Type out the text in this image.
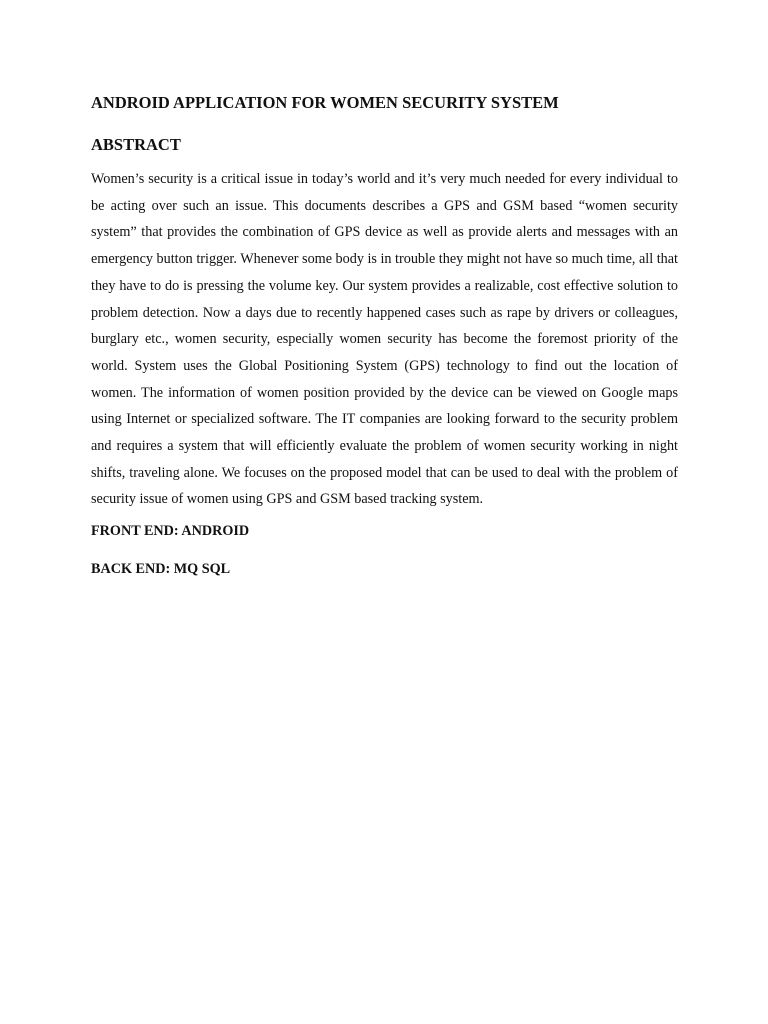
ANDROID APPLICATION FOR WOMEN SECURITY SYSTEM
ABSTRACT

Women’s security is a critical issue in today’s world and it’s very much needed for every individual to be acting over such an issue. This documents describes a GPS and GSM based “women security system” that provides the combination of GPS device as well as provide alerts and messages with an emergency button trigger. Whenever some body is in trouble they might not have so much time, all that they have to do is pressing the volume key. Our system provides a realizable, cost effective solution to problem detection. Now a days due to recently happened cases such as rape by drivers or colleagues, burglary etc., women security, especially women security has become the foremost priority of the world. System uses the Global Positioning System (GPS) technology to find out the location of women. The information of women position provided by the device can be viewed on Google maps using Internet or specialized software. The IT companies are looking forward to the security problem and requires a system that will efficiently evaluate the problem of women security working in night shifts, traveling alone. We focuses on the proposed model that can be used to deal with the problem of security issue of women using GPS and GSM based tracking system.

FRONT END: ANDROID
BACK END: MQ SQL
